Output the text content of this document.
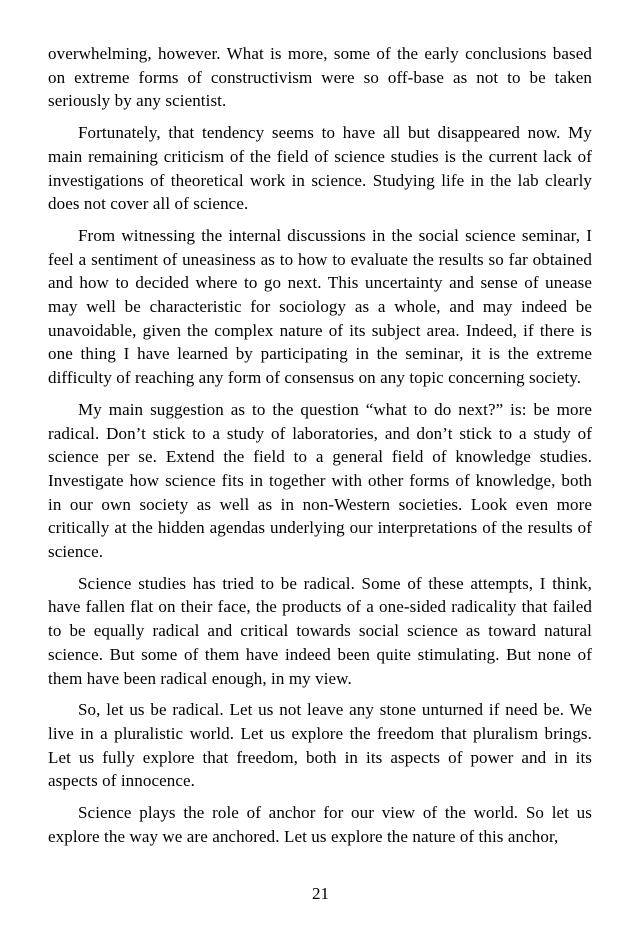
overwhelming, however. What is more, some of the early conclusions based on extreme forms of constructivism were so off-base as not to be taken seriously by any scientist.

Fortunately, that tendency seems to have all but disappeared now. My main remaining criticism of the field of science studies is the current lack of investigations of theoretical work in science. Studying life in the lab clearly does not cover all of science.

From witnessing the internal discussions in the social science seminar, I feel a sentiment of uneasiness as to how to evaluate the results so far obtained and how to decided where to go next. This uncertainty and sense of unease may well be characteristic for sociology as a whole, and may indeed be unavoidable, given the complex nature of its subject area. Indeed, if there is one thing I have learned by participating in the seminar, it is the extreme difficulty of reaching any form of consensus on any topic concerning society.

My main suggestion as to the question “what to do next?” is: be more radical. Don’t stick to a study of laboratories, and don’t stick to a study of science per se. Extend the field to a general field of knowledge studies. Investigate how science fits in together with other forms of knowledge, both in our own society as well as in non-Western societies. Look even more critically at the hidden agendas underlying our interpretations of the results of science.

Science studies has tried to be radical. Some of these attempts, I think, have fallen flat on their face, the products of a one-sided radicality that failed to be equally radical and critical towards social science as toward natural science. But some of them have indeed been quite stimulating. But none of them have been radical enough, in my view.

So, let us be radical. Let us not leave any stone unturned if need be. We live in a pluralistic world. Let us explore the freedom that pluralism brings. Let us fully explore that freedom, both in its aspects of power and in its aspects of innocence.

Science plays the role of anchor for our view of the world. So let us explore the way we are anchored. Let us explore the nature of this anchor,

21
